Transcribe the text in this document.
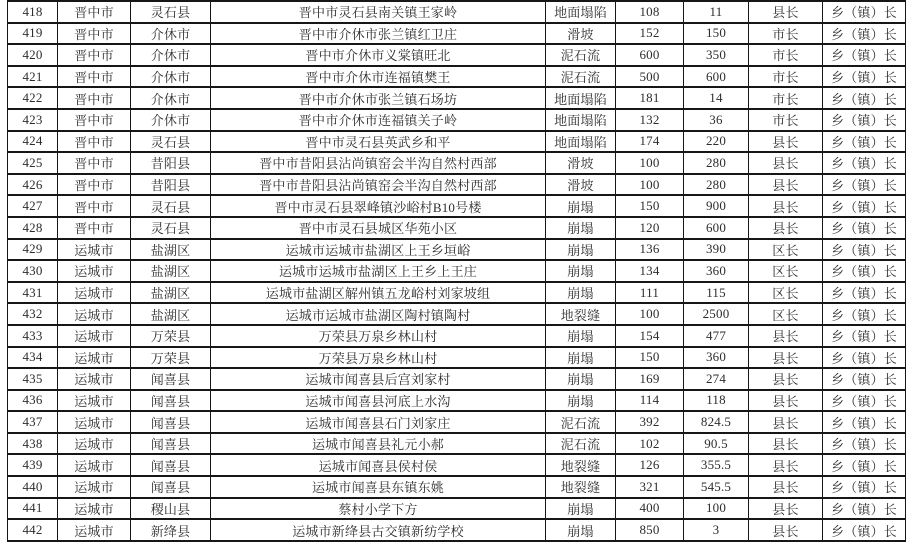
418	晋中市	灵石县	晋中市灵石县南关镇王家岭	地面塌陷	108	11	县长	乡（镇）长
419	晋中市	介休市	晋中市介休市张兰镇红卫庄	滑坡	152	150	市长	乡（镇）长
420	晋中市	介休市	晋中市介休市义棠镇旺北	泥石流	600	350	市长	乡（镇）长
421	晋中市	介休市	晋中市介休市连福镇樊王	泥石流	500	600	市长	乡（镇）长
422	晋中市	介休市	晋中市介休市张兰镇石场坊	地面塌陷	181	14	市长	乡（镇）长
423	晋中市	介休市	晋中市介休市连福镇关子岭	地面塌陷	132	36	市长	乡（镇）长
424	晋中市	灵石县	晋中市灵石县英武乡和平	地面塌陷	174	220	县长	乡（镇）长
425	晋中市	昔阳县	晋中市昔阳县沾尚镇窑会半沟自然村西部	滑坡	100	280	县长	乡（镇）长
426	晋中市	昔阳县	晋中市昔阳县沾尚镇窑会半沟自然村西部	滑坡	100	280	县长	乡（镇）长
427	晋中市	灵石县	晋中市灵石县翠峰镇沙峪村B10号楼	崩塌	150	900	县长	乡（镇）长
428	晋中市	灵石县	晋中市灵石县城区华苑小区	崩塌	120	600	县长	乡（镇）长
429	运城市	盐湖区	运城市运城市盐湖区上王乡垣峪	崩塌	136	390	区长	乡（镇）长
430	运城市	盐湖区	运城市运城市盐湖区上王乡上王庄	崩塌	134	360	区长	乡（镇）长
431	运城市	盐湖区	运城市盐湖区解州镇五龙峪村刘家坡组	崩塌	111	115	区长	乡（镇）长
432	运城市	盐湖区	运城市运城市盐湖区陶村镇陶村	地裂缝	100	2500	区长	乡（镇）长
433	运城市	万荣县	万荣县万泉乡林山村	崩塌	154	477	县长	乡（镇）长
434	运城市	万荣县	万荣县万泉乡林山村	崩塌	150	360	县长	乡（镇）长
435	运城市	闻喜县	运城市闻喜县后宫刘家村	崩塌	169	274	县长	乡（镇）长
436	运城市	闻喜县	运城市闻喜县河底上水沟	崩塌	114	118	县长	乡（镇）长
437	运城市	闻喜县	运城市闻喜县石门刘家庄	泥石流	392	824.5	县长	乡（镇）长
438	运城市	闻喜县	运城市闻喜县礼元小郝	泥石流	102	90.5	县长	乡（镇）长
439	运城市	闻喜县	运城市闻喜县侯村侯	地裂缝	126	355.5	县长	乡（镇）长
440	运城市	闻喜县	运城市闻喜县东镇东姚	地裂缝	321	545.5	县长	乡（镇）长
441	运城市	稷山县	蔡村小学下方	崩塌	400	100	县长	乡（镇）长
442	运城市	新绛县	运城市新绛县古交镇新纺学校	崩塌	850	3	县长	乡（镇）长
